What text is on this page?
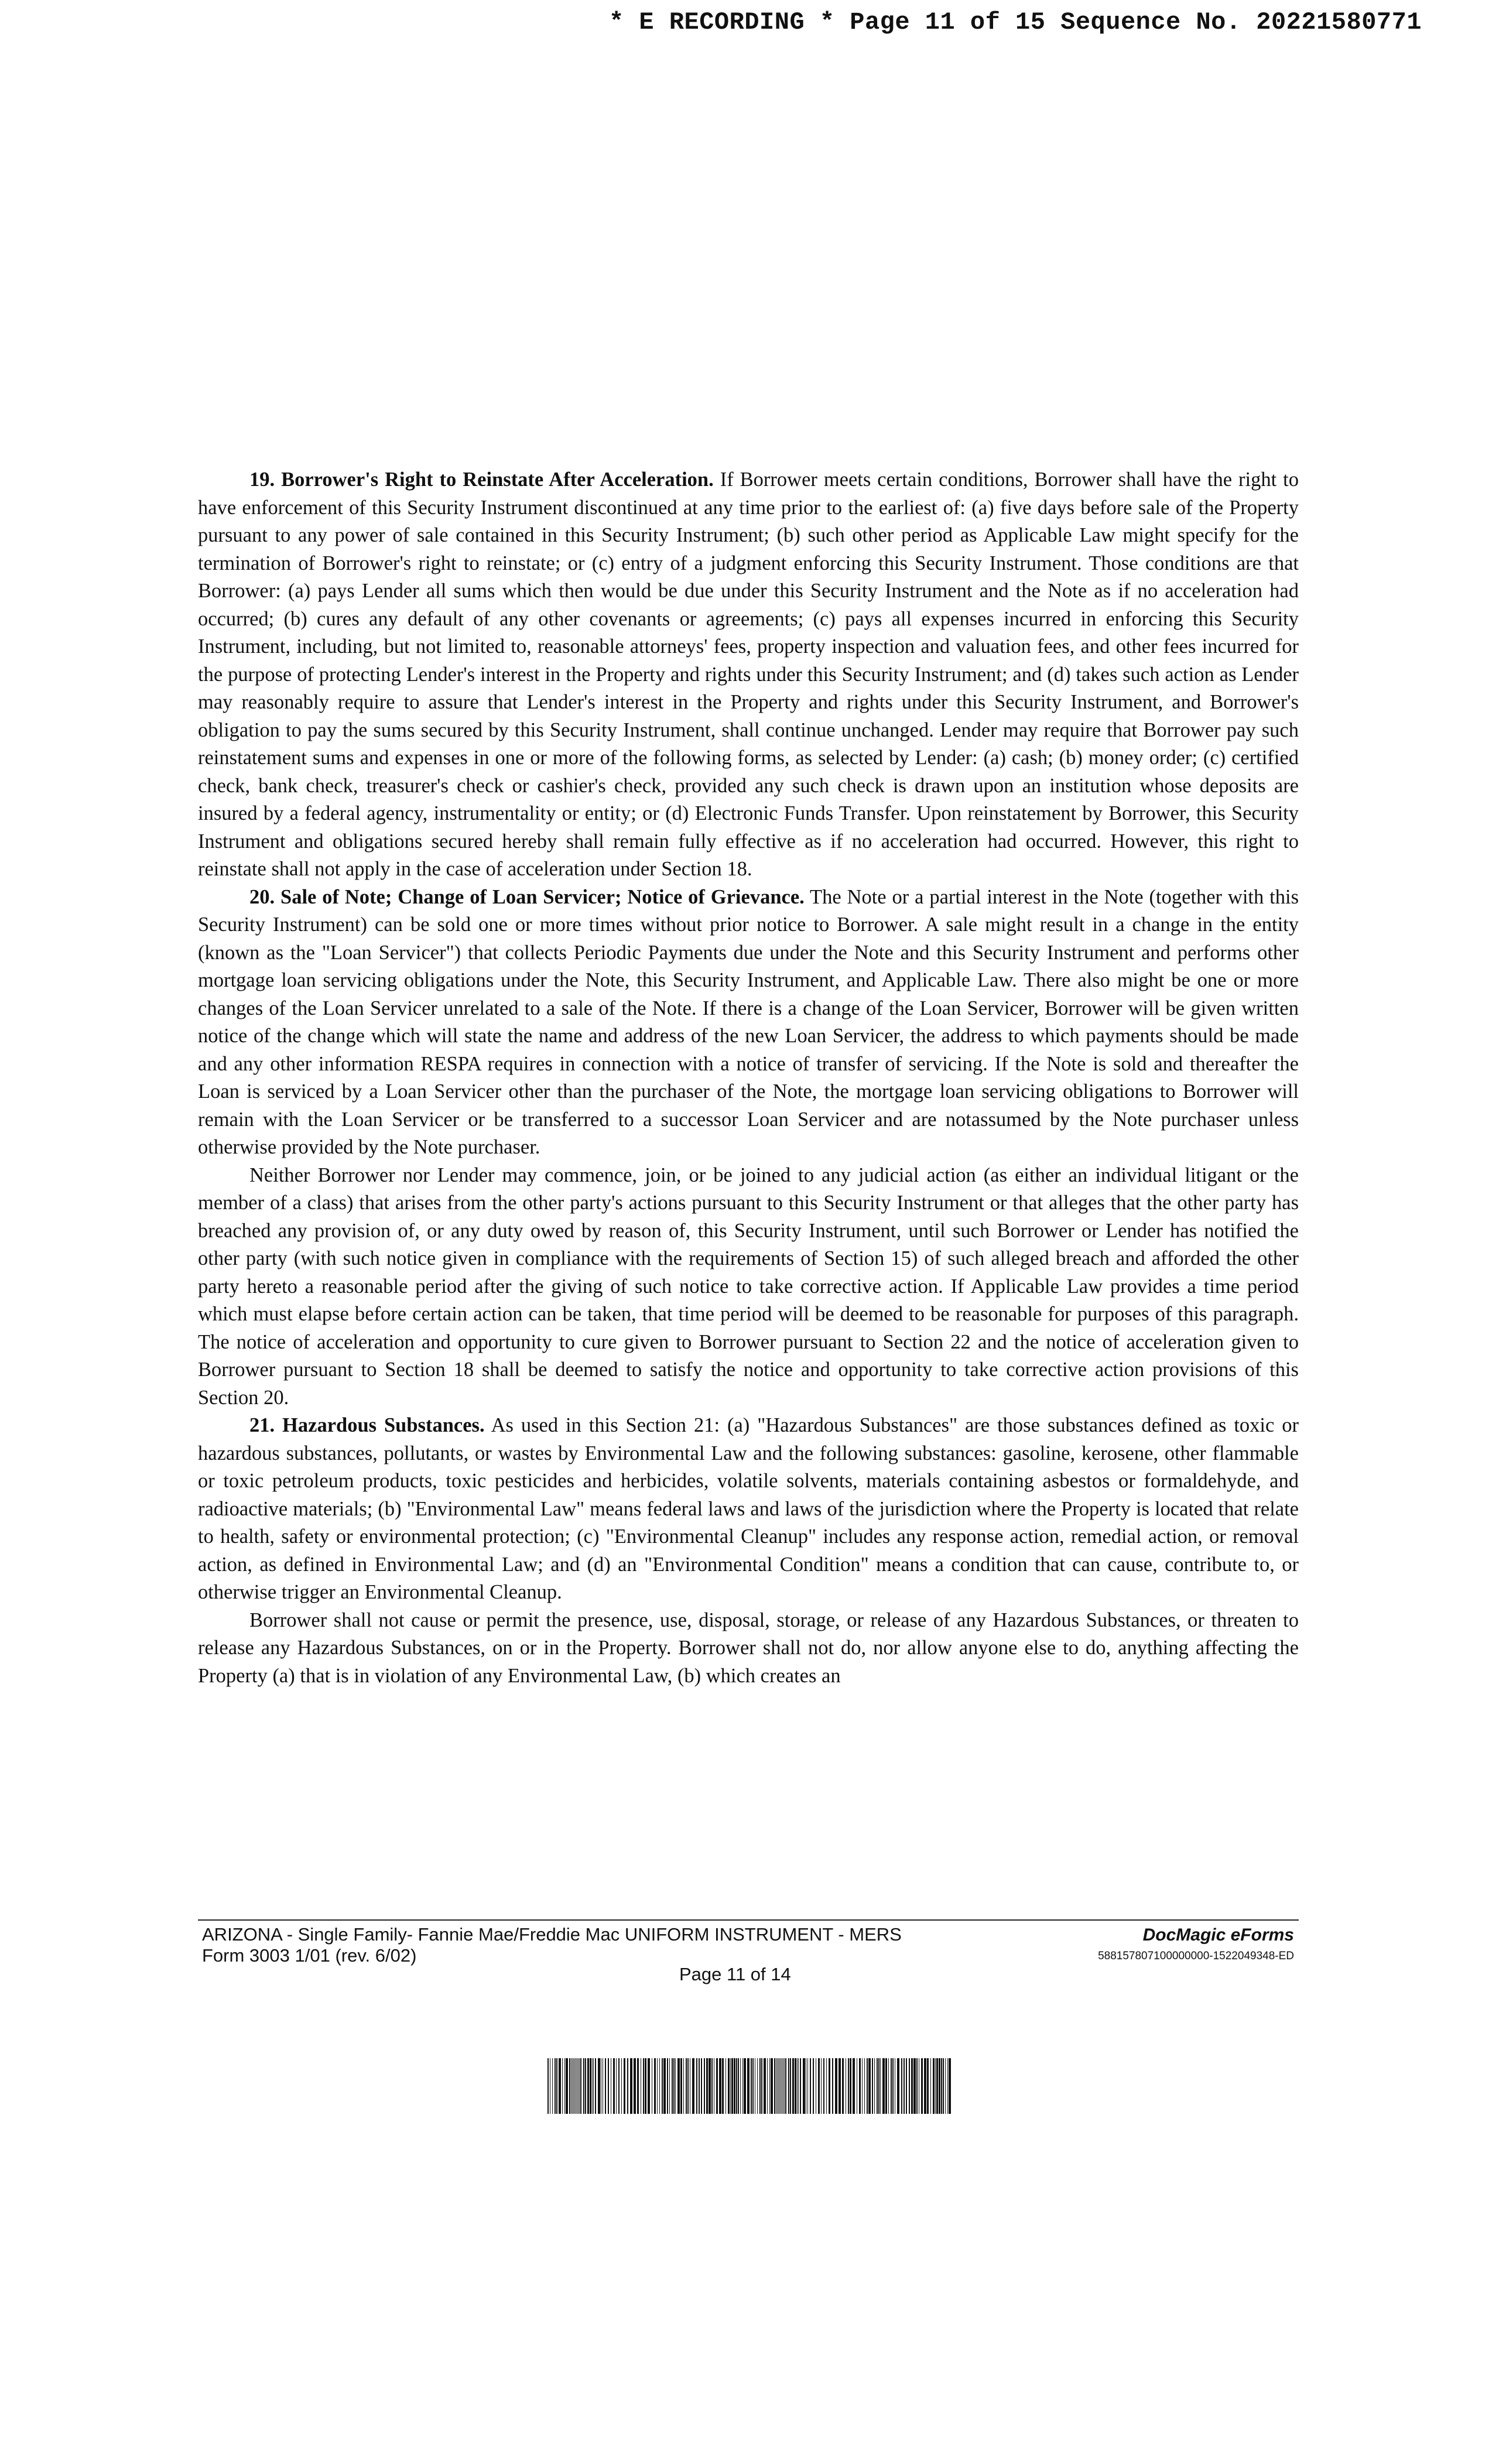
* E RECORDING * Page 11 of 15 Sequence No. 20221580771

19. Borrower's Right to Reinstate After Acceleration. If Borrower meets certain conditions, Borrower shall have the right to have enforcement of this Security Instrument discontinued at any time prior to the earliest of: (a) five days before sale of the Property pursuant to any power of sale contained in this Security Instrument; (b) such other period as Applicable Law might specify for the termination of Borrower's right to reinstate; or (c) entry of a judgment enforcing this Security Instrument. Those conditions are that Borrower: (a) pays Lender all sums which then would be due under this Security Instrument and the Note as if no acceleration had occurred; (b) cures any default of any other covenants or agreements; (c) pays all expenses incurred in enforcing this Security Instrument, including, but not limited to, reasonable attorneys' fees, property inspection and valuation fees, and other fees incurred for the purpose of protecting Lender's interest in the Property and rights under this Security Instrument; and (d) takes such action as Lender may reasonably require to assure that Lender's interest in the Property and rights under this Security Instrument, and Borrower's obligation to pay the sums secured by this Security Instrument, shall continue unchanged. Lender may require that Borrower pay such reinstatement sums and expenses in one or more of the following forms, as selected by Lender: (a) cash; (b) money order; (c) certified check, bank check, treasurer's check or cashier's check, provided any such check is drawn upon an institution whose deposits are insured by a federal agency, instrumentality or entity; or (d) Electronic Funds Transfer. Upon reinstatement by Borrower, this Security Instrument and obligations secured hereby shall remain fully effective as if no acceleration had occurred. However, this right to reinstate shall not apply in the case of acceleration under Section 18.

20. Sale of Note; Change of Loan Servicer; Notice of Grievance. The Note or a partial interest in the Note (together with this Security Instrument) can be sold one or more times without prior notice to Borrower. A sale might result in a change in the entity (known as the "Loan Servicer") that collects Periodic Payments due under the Note and this Security Instrument and performs other mortgage loan servicing obligations under the Note, this Security Instrument, and Applicable Law. There also might be one or more changes of the Loan Servicer unrelated to a sale of the Note. If there is a change of the Loan Servicer, Borrower will be given written notice of the change which will state the name and address of the new Loan Servicer, the address to which payments should be made and any other information RESPA requires in connection with a notice of transfer of servicing. If the Note is sold and thereafter the Loan is serviced by a Loan Servicer other than the purchaser of the Note, the mortgage loan servicing obligations to Borrower will remain with the Loan Servicer or be transferred to a successor Loan Servicer and are notassumed by the Note purchaser unless otherwise provided by the Note purchaser.

Neither Borrower nor Lender may commence, join, or be joined to any judicial action (as either an individual litigant or the member of a class) that arises from the other party's actions pursuant to this Security Instrument or that alleges that the other party has breached any provision of, or any duty owed by reason of, this Security Instrument, until such Borrower or Lender has notified the other party (with such notice given in compliance with the requirements of Section 15) of such alleged breach and afforded the other party hereto a reasonable period after the giving of such notice to take corrective action. If Applicable Law provides a time period which must elapse before certain action can be taken, that time period will be deemed to be reasonable for purposes of this paragraph. The notice of acceleration and opportunity to cure given to Borrower pursuant to Section 22 and the notice of acceleration given to Borrower pursuant to Section 18 shall be deemed to satisfy the notice and opportunity to take corrective action provisions of this Section 20.

21. Hazardous Substances. As used in this Section 21: (a) "Hazardous Substances" are those substances defined as toxic or hazardous substances, pollutants, or wastes by Environmental Law and the following substances: gasoline, kerosene, other flammable or toxic petroleum products, toxic pesticides and herbicides, volatile solvents, materials containing asbestos or formaldehyde, and radioactive materials; (b) "Environmental Law" means federal laws and laws of the jurisdiction where the Property is located that relate to health, safety or environmental protection; (c) "Environmental Cleanup" includes any response action, remedial action, or removal action, as defined in Environmental Law; and (d) an "Environmental Condition" means a condition that can cause, contribute to, or otherwise trigger an Environmental Cleanup.

Borrower shall not cause or permit the presence, use, disposal, storage, or release of any Hazardous Substances, or threaten to release any Hazardous Substances, on or in the Property. Borrower shall not do, nor allow anyone else to do, anything affecting the Property (a) that is in violation of any Environmental Law, (b) which creates an

ARIZONA - Single Family- Fannie Mae/Freddie Mac UNIFORM INSTRUMENT - MERS
Form 3003 1/01 (rev. 6/02)
Page 11 of 14
DocMagic eForms
588157807100000000-1522049348-ED
